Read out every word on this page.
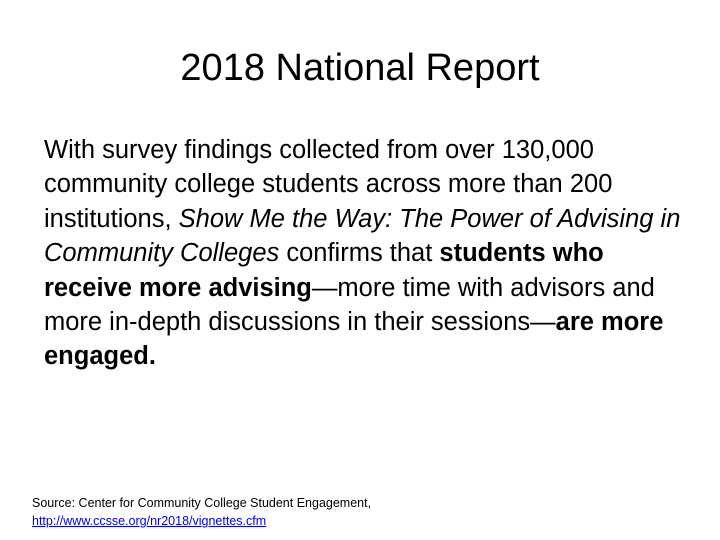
2018 National Report

With survey findings collected from over 130,000 community college students across more than 200 institutions, Show Me the Way: The Power of Advising in Community Colleges confirms that students who receive more advising—more time with advisors and more in-depth discussions in their sessions—are more engaged.

Source: Center for Community College Student Engagement,
http://www.ccsse.org/nr2018/vignettes.cfm
